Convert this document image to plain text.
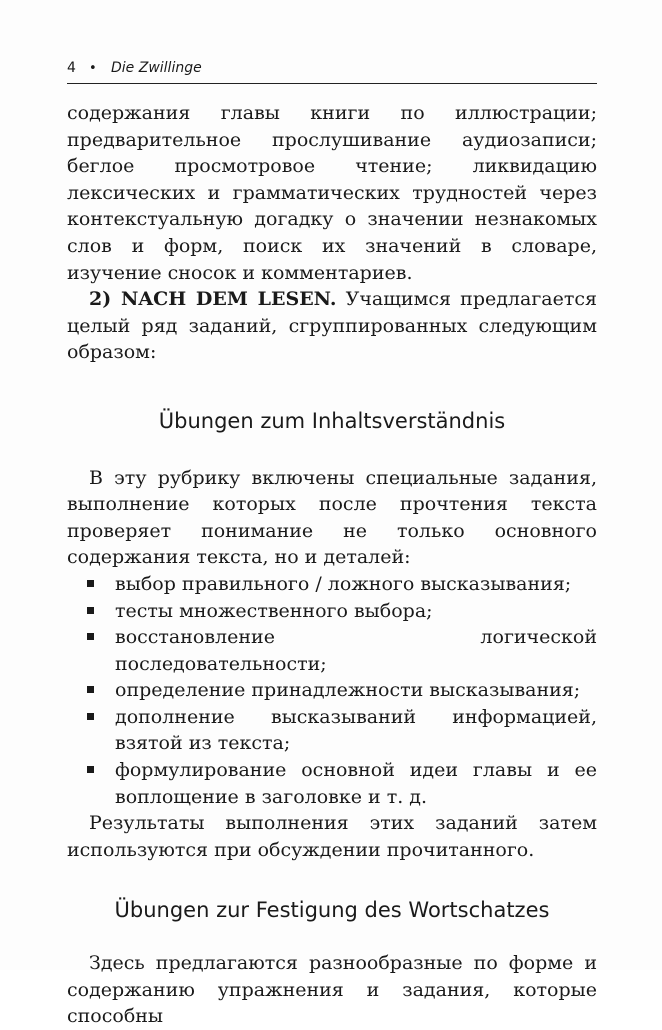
4	•	Die Zwillinge

содержания главы книги по иллюстрации; предварительное прослушивание аудиозаписи; беглое просмотровое чтение; ликвидацию лексических и грамматических трудностей через контекстуальную догадку о значении незнакомых слов и форм, поиск их значений в словаре, изучение сносок и комментариев.

2) NACH DEM LESEN. Учащимся предлагается целый ряд заданий, сгруппированных следующим образом:

Übungen zum Inhaltsverständnis

В эту рубрику включены специальные задания, выполнение которых после прочтения текста проверяет понимание не только основного содержания текста, но и деталей:

выбор правильного / ложного высказывания;
тесты множественного выбора;
восстановление логической последовательности;
определение принадлежности высказывания;
дополнение высказываний информацией, взятой из текста;
формулирование основной идеи главы и ее воплощение в заголовке и т. д.

Результаты выполнения этих заданий затем используются при обсуждении прочитанного.

Übungen zur Festigung des Wortschatzes

Здесь предлагаются разнообразные по форме и содержанию упражнения и задания, которые способны
